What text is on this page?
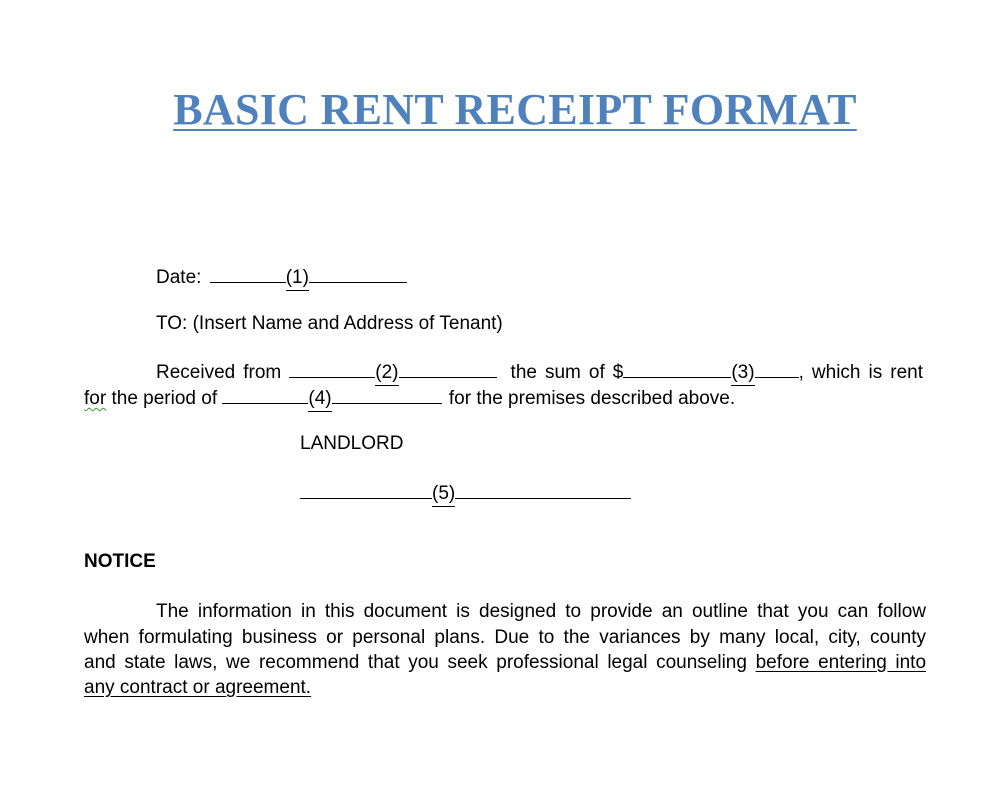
BASIC RENT RECEIPT FORMAT
Date:	(1)
TO: (Insert Name and Address of Tenant)
Received from	(2)	the sum of $	(3) , which is rent
for the period of	(4)	for the premises described above.
LANDLORD
(5)
NOTICE
The information in this document is designed to provide an outline that you can follow
when formulating business or personal plans. Due to the variances by many local, city, county
and state laws, we recommend that you seek professional legal counseling before entering into
any contract or agreement.
